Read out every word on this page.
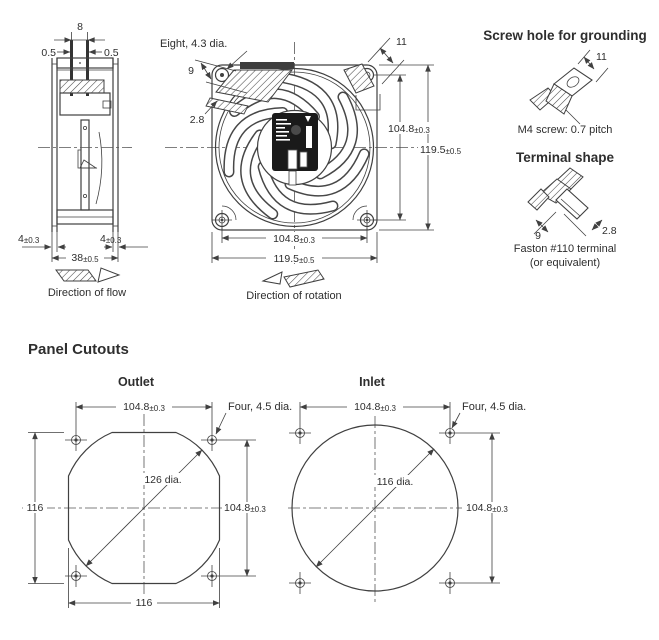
8
0.5	0.5
4±0.3	4±0.3
38±0.5
Direction of flow
9
2.8
11
Eight, 4.3 dia.
104.8±0.3
119.5±0.5
104.8±0.3
119.5±0.5
Direction of rotation
Screw hole for grounding
11
M4 screw: 0.7 pitch
Terminal shape
9	2.8
Faston #110 terminal
(or equivalent)
Panel Cutouts
Outlet
104.8±0.3	Four, 4.5 dia.
116
126 dia.
104.8±0.3
116
Inlet
104.8±0.3	Four, 4.5 dia.
116 dia.
104.8±0.3
